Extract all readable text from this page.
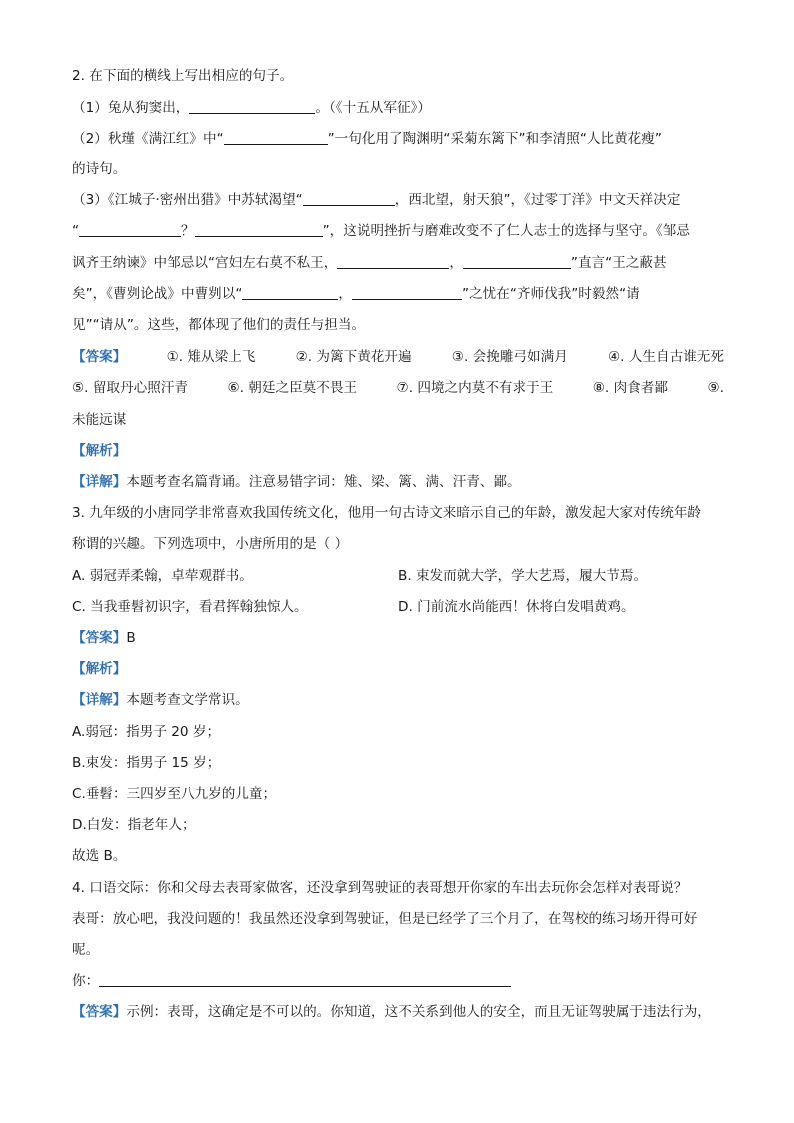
2. 在下面的横线上写出相应的句子。
（1）兔从狗窦出，	。（《十五从军征》）
（2）秋瑾《满江红》中“	”一句化用了陶渊明“采菊东篱下”和李清照“人比黄花瘦”
的诗句。
（3）《江城子·密州出猎》中苏轼渴望“	，西北望，射天狼”，《过零丁洋》中文天祥决定
“	？	”，这说明挫折与磨难改变不了仁人志士的选择与坚守。《邹忌
讽齐王纳谏》中邹忌以“宫妇左右莫不私王，	，	”直言“王之蔽甚
矣”，《曹刿论战》中曹刿以“	，	”之忧在“齐师伐我”时毅然“请
见”“请从”。这些，都体现了他们的责任与担当。
【答案】	①. 雉从梁上飞	②. 为篱下黄花开遍	③. 会挽雕弓如满月	④. 人生自古谁无死
⑤. 留取丹心照汗青	⑥. 朝廷之臣莫不畏王	⑦. 四境之内莫不有求于王	⑧. 肉食者鄙	⑨.
未能远谋
【解析】
【详解】本题考查名篇背诵。注意易错字词：雉、梁、篱、满、汗青、鄙。
3. 九年级的小唐同学非常喜欢我国传统文化，他用一句古诗文来暗示自己的年龄，激发起大家对传统年龄
称谓的兴趣。下列选项中，小唐所用的是（ ）
A. 弱冠弄柔翰，卓荦观群书。	B. 束发而就大学，学大艺焉，履大节焉。
C. 当我垂髫初识字，看君挥翰独惊人。	D. 门前流水尚能西！休将白发唱黄鸡。
【答案】B
【解析】
【详解】本题考查文学常识。
A.弱冠：指男子 20 岁；
B.束发：指男子 15 岁；
C.垂髫：三四岁至八九岁的儿童；
D.白发：指老年人；
故选 B。
4. 口语交际：你和父母去表哥家做客，还没拿到驾驶证的表哥想开你家的车出去玩你会怎样对表哥说？
表哥：放心吧，我没问题的！我虽然还没拿到驾驶证，但是已经学了三个月了，在驾校的练习场开得可好
呢。
你：
【答案】示例：表哥，这确定是不可以的。你知道，这不关系到他人的安全，而且无证驾驶属于违法行为，
